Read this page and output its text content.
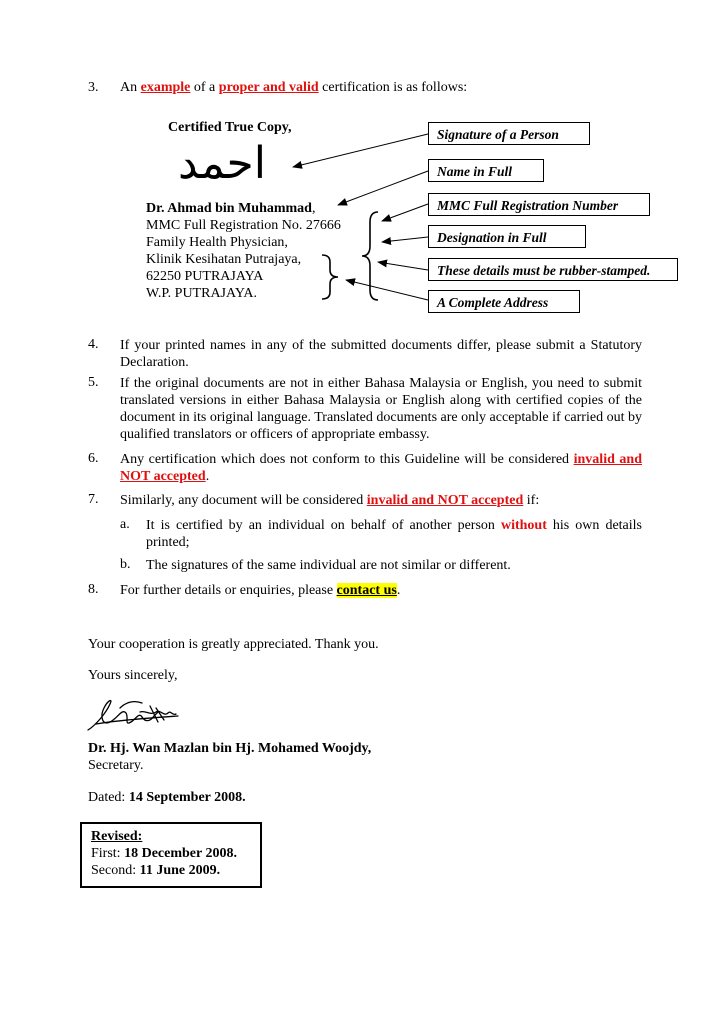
3. An example of a proper and valid certification is as follows:
Certified True Copy,
احمد
Dr. Ahmad bin Muhammad,
MMC Full Registration No. 27666
Family Health Physician,
Klinik Kesihatan Putrajaya,
62250 PUTRAJAYA
W.P. PUTRAJAYA.
Signature of a Person
Name in Full
MMC Full Registration Number
Designation in Full
These details must be rubber-stamped.
A Complete Address
4. If your printed names in any of the submitted documents differ, please submit a Statutory Declaration.
5. If the original documents are not in either Bahasa Malaysia or English, you need to submit translated versions in either Bahasa Malaysia or English along with certified copies of the document in its original language. Translated documents are only acceptable if carried out by qualified translators or officers of appropriate embassy.
6. Any certification which does not conform to this Guideline will be considered invalid and NOT accepted.
7. Similarly, any document will be considered invalid and NOT accepted if:
a. It is certified by an individual on behalf of another person without his own details printed;
b. The signatures of the same individual are not similar or different.
8. For further details or enquiries, please contact us.
Your cooperation is greatly appreciated. Thank you.
Yours sincerely,
Dr. Hj. Wan Mazlan bin Hj. Mohamed Woojdy,
Secretary.
Dated: 14 September 2008.
Revised:
First: 18 December 2008.
Second: 11 June 2009.
